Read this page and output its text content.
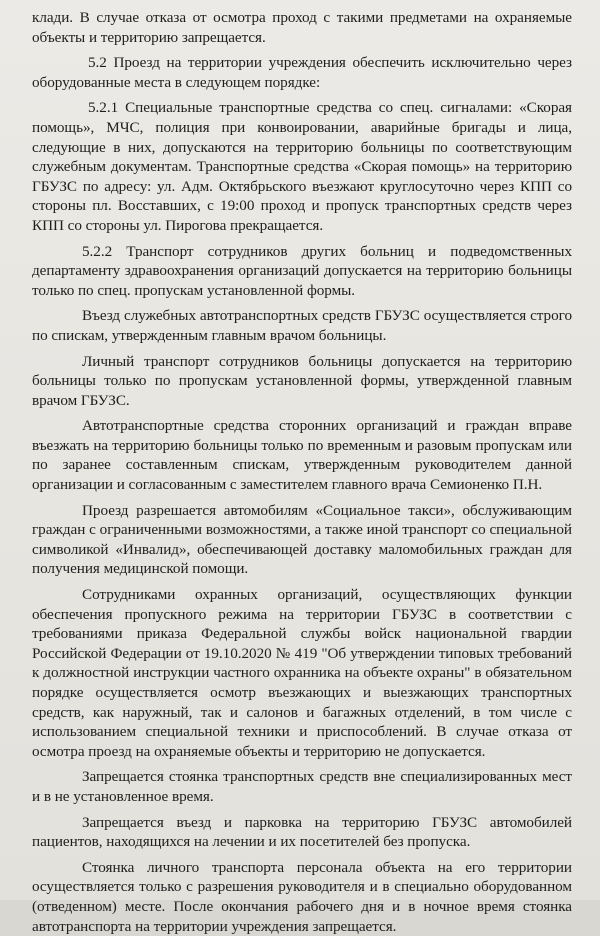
клади. В случае отказа от осмотра проход с такими предметами на охраняемые объекты и территорию запрещается.

5.2 Проезд на территории учреждения обеспечить исключительно через оборудованные места в следующем порядке:

5.2.1 Специальные транспортные средства со спец. сигналами: «Скорая помощь», МЧС, полиция при конвоировании, аварийные бригады и лица, следующие в них, допускаются на территорию больницы по соответствующим служебным документам. Транспортные средства «Скорая помощь» на территорию ГБУЗС по адресу: ул. Адм. Октябрьского въезжают круглосуточно через КПП со стороны пл. Восставших, с 19:00 проход и пропуск транспортных средств через КПП со стороны ул. Пирогова прекращается.

5.2.2 Транспорт сотрудников других больниц и подведомственных департаменту здравоохранения организаций допускается на территорию больницы только по спец. пропускам установленной формы.

Въезд служебных автотранспортных средств ГБУЗС осуществляется строго по спискам, утвержденным главным врачом больницы.

Личный транспорт сотрудников больницы допускается на территорию больницы только по пропускам установленной формы, утвержденной главным врачом ГБУЗС.

Автотранспортные средства сторонних организаций и граждан вправе въезжать на территорию больницы только по временным и разовым пропускам или по заранее составленным спискам, утвержденным руководителем данной организации и согласованным с заместителем главного врача Семионенко П.Н.

Проезд разрешается автомобилям «Социальное такси», обслуживающим граждан с ограниченными возможностями, а также иной транспорт со специальной символикой «Инвалид», обеспечивающей доставку маломобильных граждан для получения медицинской помощи.

Сотрудниками охранных организаций, осуществляющих функции обеспечения пропускного режима на территории ГБУЗС в соответствии с требованиями приказа Федеральной службы войск национальной гвардии Российской Федерации от 19.10.2020 № 419 "Об утверждении типовых требований к должностной инструкции частного охранника на объекте охраны" в обязательном порядке осуществляется осмотр въезжающих и выезжающих транспортных средств, как наружный, так и салонов и багажных отделений, в том числе с использованием специальной техники и приспособлений. В случае отказа от осмотра проезд на охраняемые объекты и территорию не допускается.

Запрещается стоянка транспортных средств вне специализированных мест и в не установленное время.

Запрещается въезд и парковка на территорию ГБУЗС автомобилей пациентов, находящихся на лечении и их посетителей без пропуска.

Стоянка личного транспорта персонала объекта на его территории осуществляется только с разрешения руководителя и в специально оборудованном (отведенном) месте. После окончания рабочего дня и в ночное время стоянка автотранспорта на территории учреждения запрещается.
